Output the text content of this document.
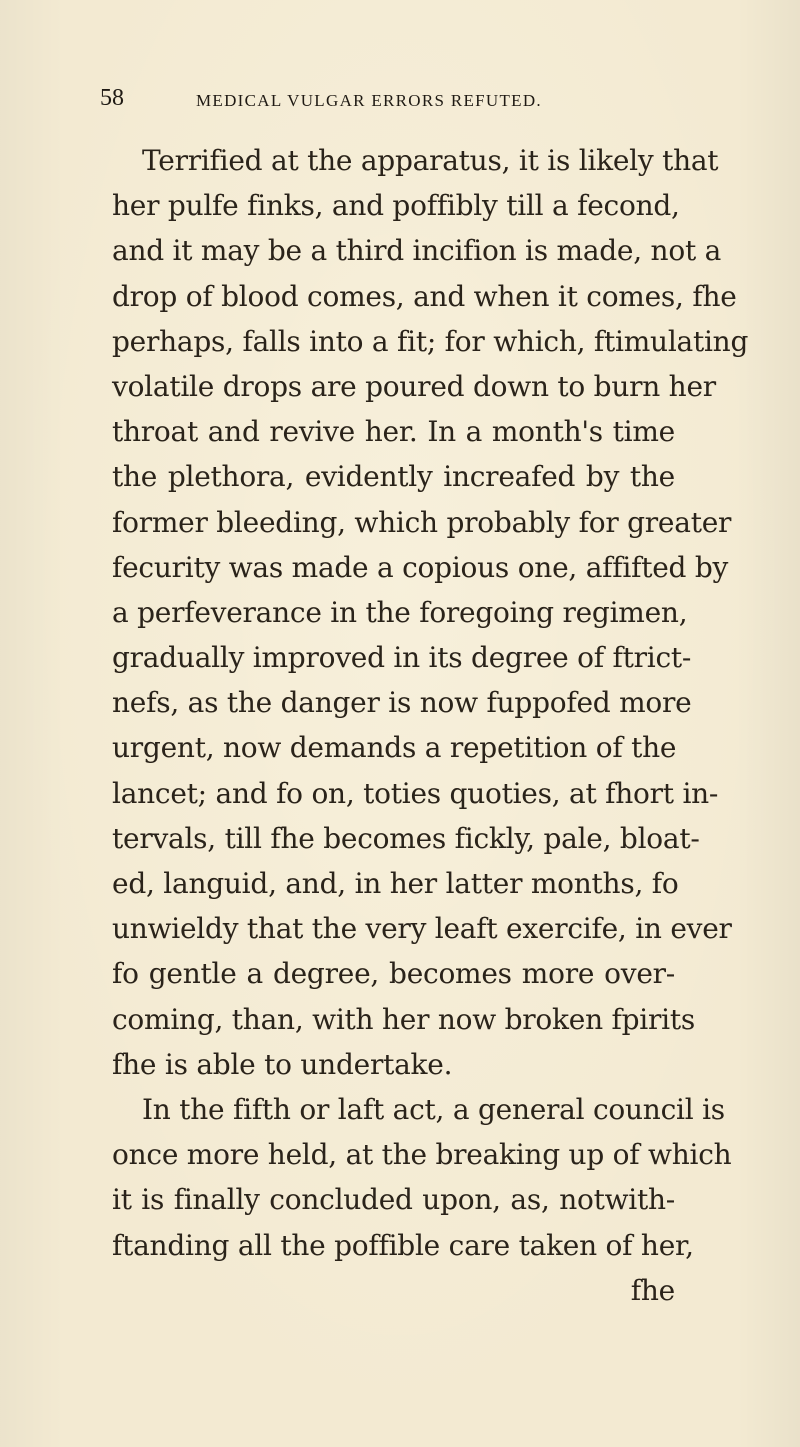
58	MEDICAL VULGAR ERRORS REFUTED.
Terrified at the apparatus, it is likely that
her pulfe finks, and poffibly till a fecond,
and it may be a third incifion is made, not a
drop of blood comes, and when it comes, fhe
perhaps, falls into a fit; for which, ftimulating
volatile drops are poured down to burn her
throat and revive her. In a month's time
the plethora, evidently increafed by the
former bleeding, which probably for greater
fecurity was made a copious one, affifted by
a perfeverance in the foregoing regimen,
gradually improved in its degree of ftrict-
nefs, as the danger is now fuppofed more
urgent, now demands a repetition of the
lancet; and fo on, toties quoties, at fhort in-
tervals, till fhe becomes fickly, pale, bloat-
ed, languid, and, in her latter months, fo
unwieldy that the very leaft exercife, in ever
fo gentle a degree, becomes more over-
coming, than, with her now broken fpirits
fhe is able to undertake.
In the fifth or laft act, a general council is
once more held, at the breaking up of which
it is finally concluded upon, as, notwith-
ftanding all the poffible care taken of her,
fhe
